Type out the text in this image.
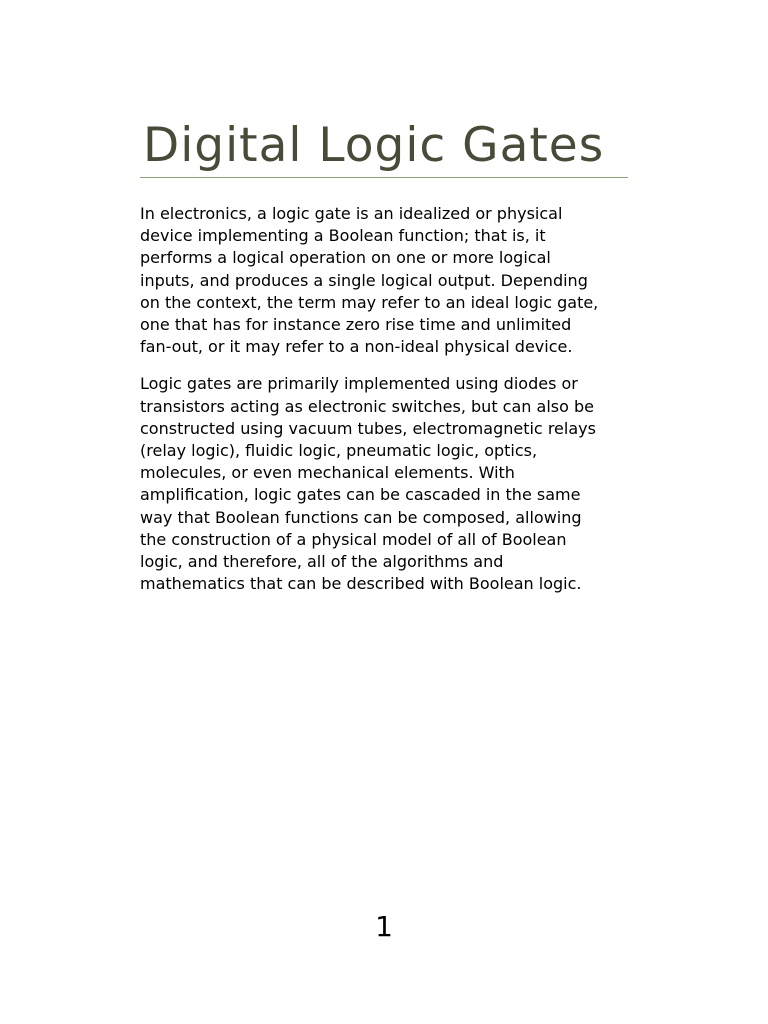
Digital Logic Gates

In electronics, a logic gate is an idealized or physical
device implementing a Boolean function; that is, it
performs a logical operation on one or more logical
inputs, and produces a single logical output. Depending
on the context, the term may refer to an ideal logic gate,
one that has for instance zero rise time and unlimited
fan-out, or it may refer to a non-ideal physical device.

Logic gates are primarily implemented using diodes or
transistors acting as electronic switches, but can also be
constructed using vacuum tubes, electromagnetic relays
(relay logic), fluidic logic, pneumatic logic, optics,
molecules, or even mechanical elements. With
amplification, logic gates can be cascaded in the same
way that Boolean functions can be composed, allowing
the construction of a physical model of all of Boolean
logic, and therefore, all of the algorithms and
mathematics that can be described with Boolean logic.

1
